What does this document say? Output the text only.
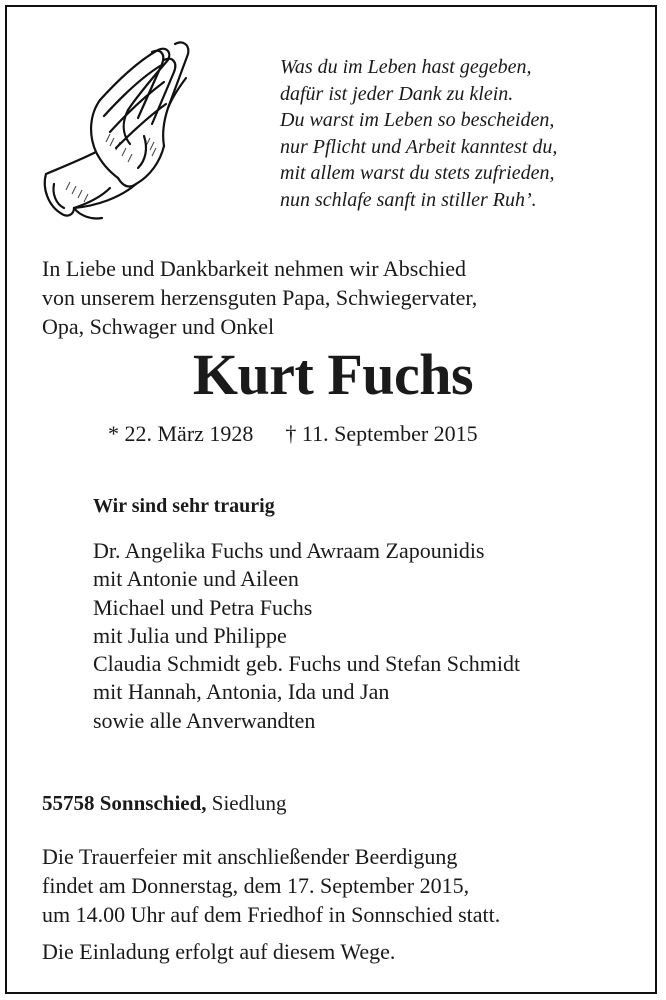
Was du im Leben hast gegeben,
dafür ist jeder Dank zu klein.
Du warst im Leben so bescheiden,
nur Pflicht und Arbeit kanntest du,
mit allem warst du stets zufrieden,
nun schlafe sanft in stiller Ruh’.
In Liebe und Dankbarkeit nehmen wir Abschied
von unserem herzensguten Papa, Schwiegervater,
Opa, Schwager und Onkel
Kurt Fuchs
* 22. März 1928 † 11. September 2015
Wir sind sehr traurig
Dr. Angelika Fuchs und Awraam Zapounidis
mit Antonie und Aileen
Michael und Petra Fuchs
mit Julia und Philippe
Claudia Schmidt geb. Fuchs und Stefan Schmidt
mit Hannah, Antonia, Ida und Jan
sowie alle Anverwandten
55758 Sonnschied, Siedlung
Die Trauerfeier mit anschließender Beerdigung
findet am Donnerstag, dem 17. September 2015,
um 14.00 Uhr auf dem Friedhof in Sonnschied statt.
Die Einladung erfolgt auf diesem Wege.
